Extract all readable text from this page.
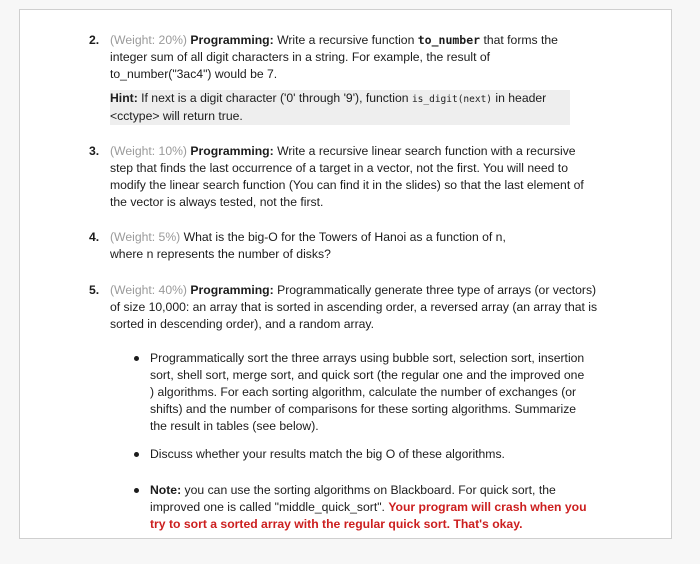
2. (Weight: 20%) Programming: Write a recursive function to_number that forms the integer sum of all digit characters in a string. For example, the result of to_number("3ac4") would be 7.
Hint: If next is a digit character ('0' through '9'), function is_digit(next) in header <cctype> will return true.
3. (Weight: 10%) Programming: Write a recursive linear search function with a recursive step that finds the last occurrence of a target in a vector, not the first. You will need to modify the linear search function (You can find it in the slides) so that the last element of the vector is always tested, not the first.
4. (Weight: 5%) What is the big-O for the Towers of Hanoi as a function of n, where n represents the number of disks?
5. (Weight: 40%) Programming: Programmatically generate three type of arrays (or vectors) of size 10,000: an array that is sorted in ascending order, a reversed array (an array that is sorted in descending order), and a random array.
Programmatically sort the three arrays using bubble sort, selection sort, insertion sort, shell sort, merge sort, and quick sort (the regular one and the improved one ) algorithms. For each sorting algorithm, calculate the number of exchanges (or shifts) and the number of comparisons for these sorting algorithms. Summarize the result in tables (see below).
Discuss whether your results match the big O of these algorithms.
Note: you can use the sorting algorithms on Blackboard. For quick sort, the improved one is called "middle_quick_sort". Your program will crash when you try to sort a sorted array with the regular quick sort. That's okay.
